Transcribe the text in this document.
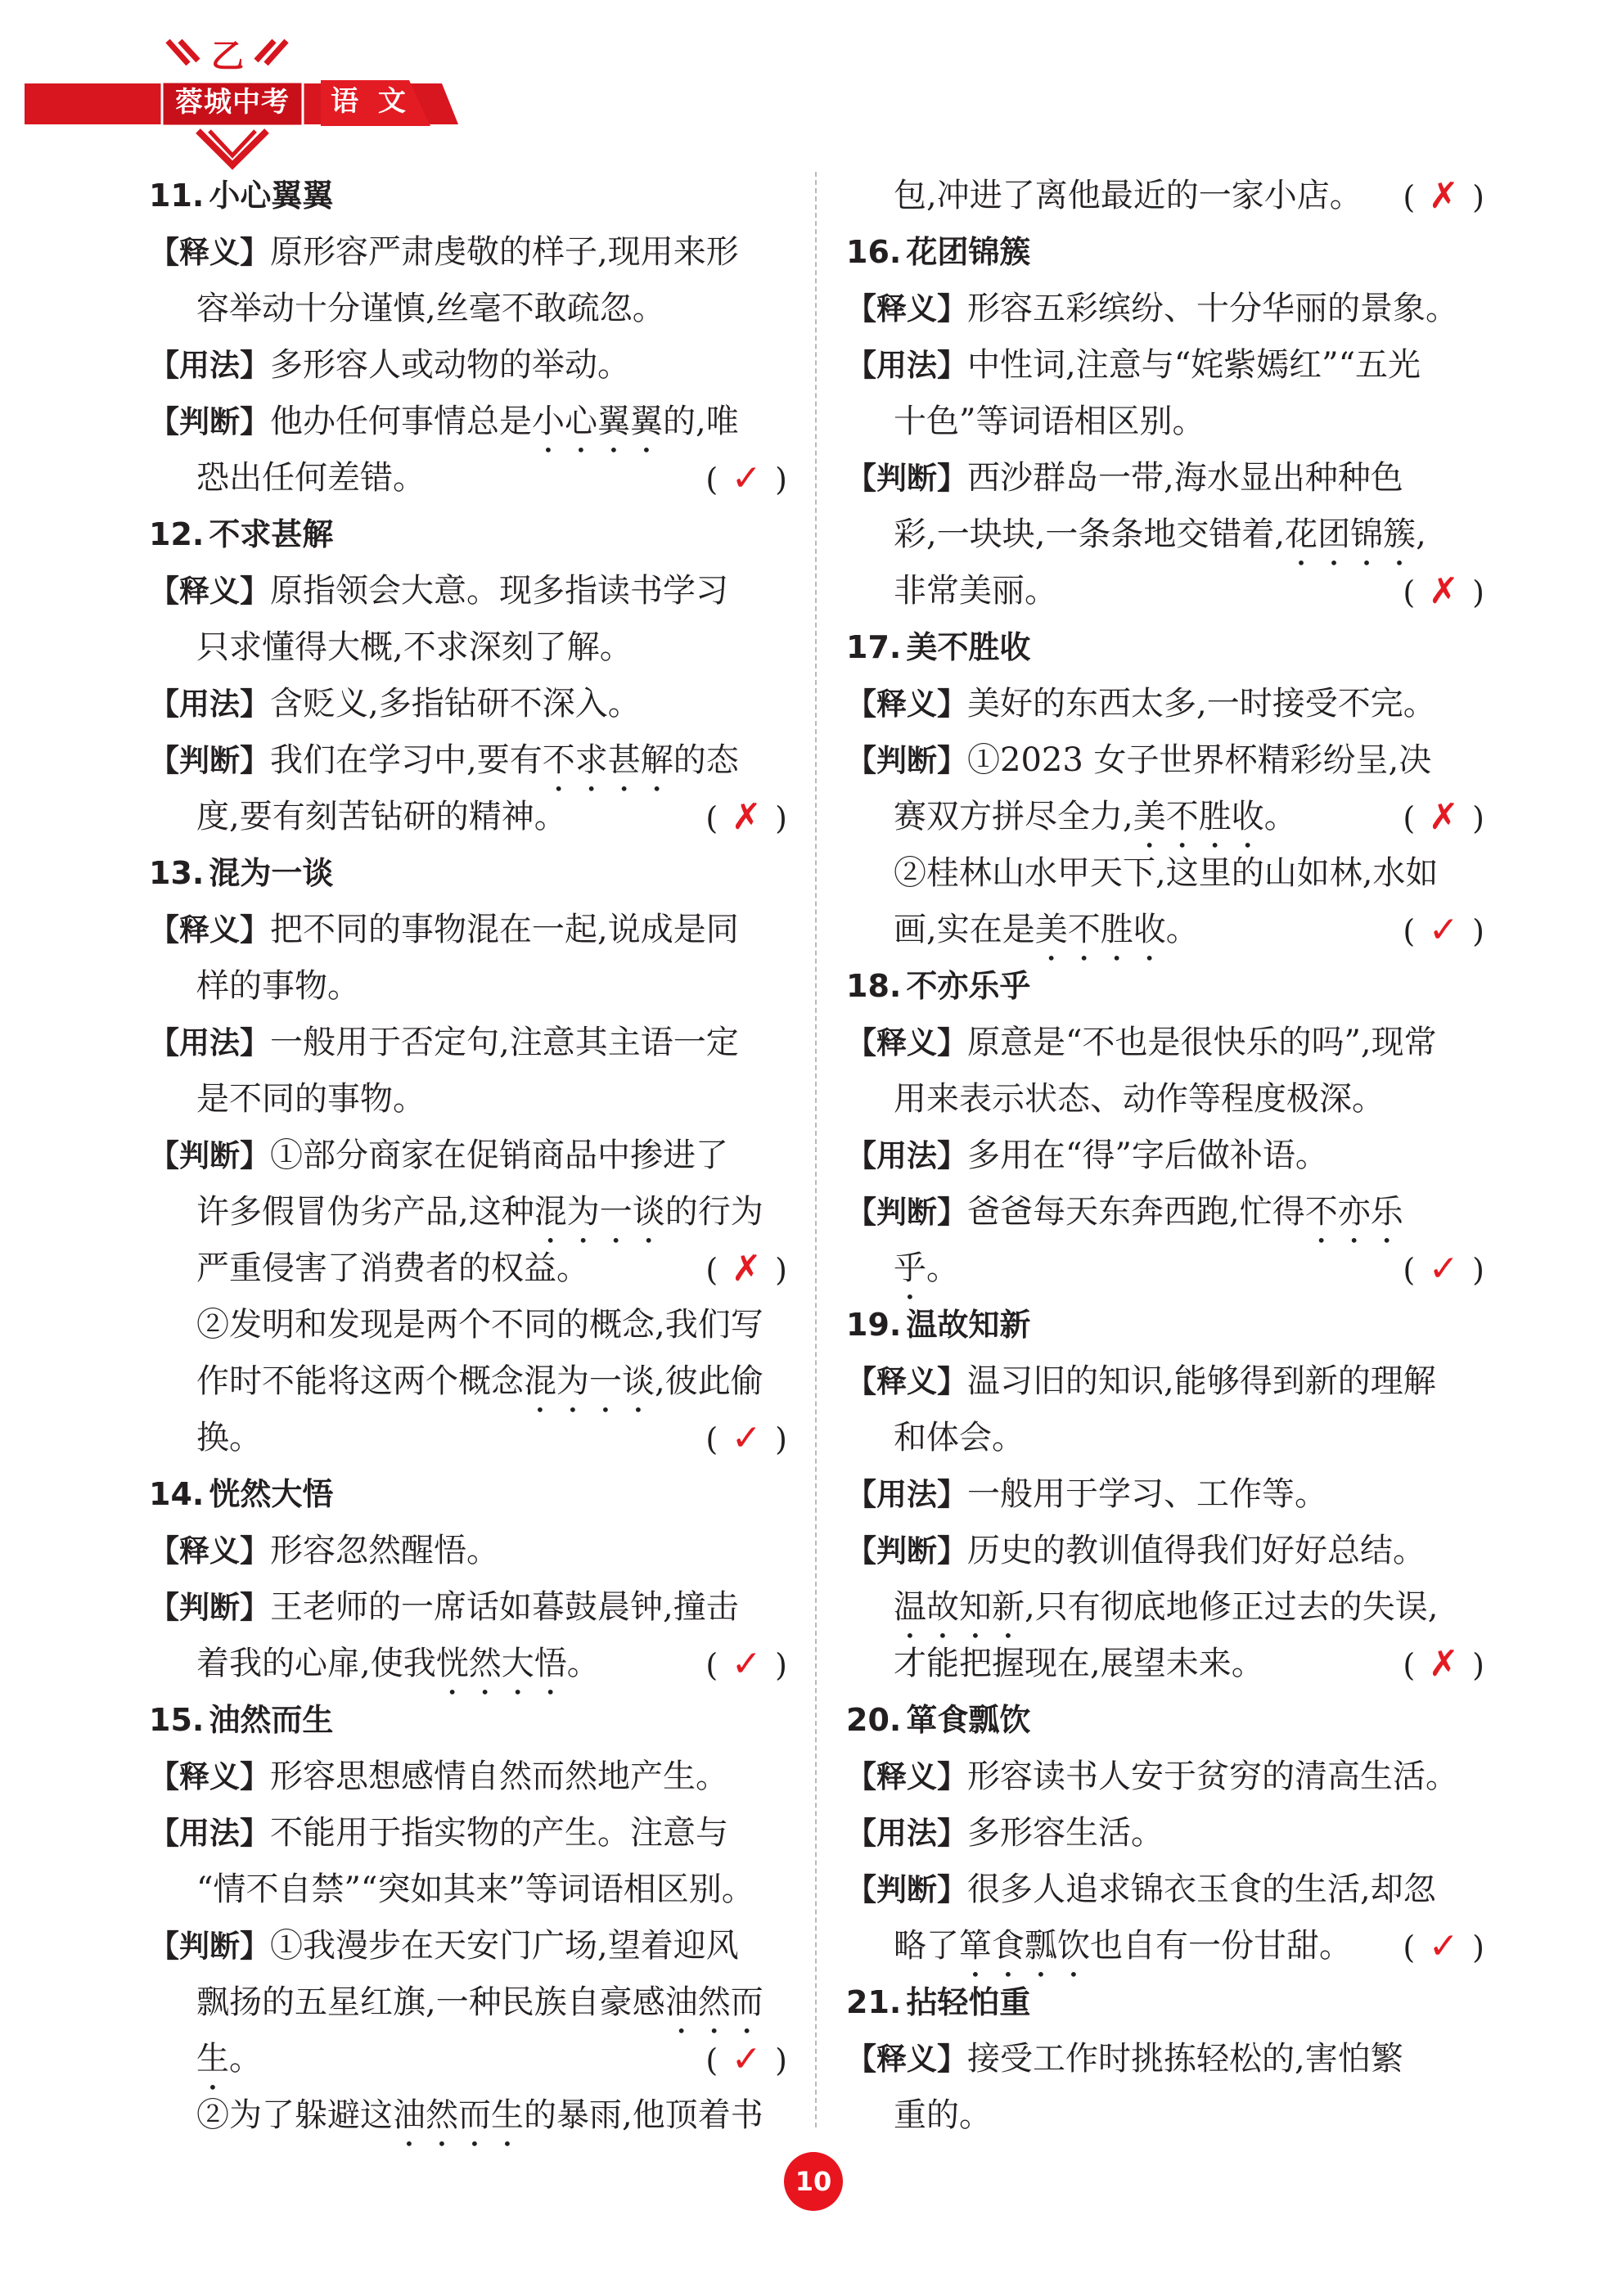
乙
蓉城中考	语 文
11. 小心翼翼
【释义】原形容严肃虔敬的样子,现用来形
容举动十分谨慎,丝毫不敢疏忽。
【用法】多形容人或动物的举动。
【判断】他办任何事情总是小心翼翼的,唯
恐出任何差错。	( ✓ )
12. 不求甚解
【释义】原指领会大意。现多指读书学习
只求懂得大概,不求深刻了解。
【用法】含贬义,多指钻研不深入。
【判断】我们在学习中,要有不求甚解的态
度,要有刻苦钻研的精神。	( ✗ )
13. 混为一谈
【释义】把不同的事物混在一起,说成是同
样的事物。
【用法】一般用于否定句,注意其主语一定
是不同的事物。
【判断】①部分商家在促销商品中掺进了
许多假冒伪劣产品,这种混为一谈的行为
严重侵害了消费者的权益。	( ✗ )
②发明和发现是两个不同的概念,我们写
作时不能将这两个概念混为一谈,彼此偷
换。	( ✓ )
14. 恍然大悟
【释义】形容忽然醒悟。
【判断】王老师的一席话如暮鼓晨钟,撞击
着我的心扉,使我恍然大悟。	( ✓ )
15. 油然而生
【释义】形容思想感情自然而然地产生。
【用法】不能用于指实物的产生。注意与
“情不自禁”“突如其来”等词语相区别。
【判断】①我漫步在天安门广场,望着迎风
飘扬的五星红旗,一种民族自豪感油然而
生。	( ✓ )
②为了躲避这油然而生的暴雨,他顶着书
包,冲进了离他最近的一家小店。 ( ✗ )
16. 花团锦簇
【释义】形容五彩缤纷、十分华丽的景象。
【用法】中性词,注意与“姹紫嫣红”“五光
十色”等词语相区别。
【判断】西沙群岛一带,海水显出种种色
彩,一块块,一条条地交错着,花团锦簇,
非常美丽。	( ✗ )
17. 美不胜收
【释义】美好的东西太多,一时接受不完。
【判断】①2023 女子世界杯精彩纷呈,决
赛双方拼尽全力,美不胜收。	( ✗ )
②桂林山水甲天下,这里的山如林,水如
画,实在是美不胜收。	( ✓ )
18. 不亦乐乎
【释义】原意是“不也是很快乐的吗”,现常
用来表示状态、动作等程度极深。
【用法】多用在“得”字后做补语。
【判断】爸爸每天东奔西跑,忙得不亦乐
乎。	( ✓ )
19. 温故知新
【释义】温习旧的知识,能够得到新的理解
和体会。
【用法】一般用于学习、工作等。
【判断】历史的教训值得我们好好总结。
温故知新,只有彻底地修正过去的失误,
才能把握现在,展望未来。	( ✗ )
20. 箪食瓢饮
【释义】形容读书人安于贫穷的清高生活。
【用法】多形容生活。
【判断】很多人追求锦衣玉食的生活,却忽
略了箪食瓢饮也自有一份甘甜。 ( ✓ )
21. 拈轻怕重
【释义】接受工作时挑拣轻松的,害怕繁
重的。
10
